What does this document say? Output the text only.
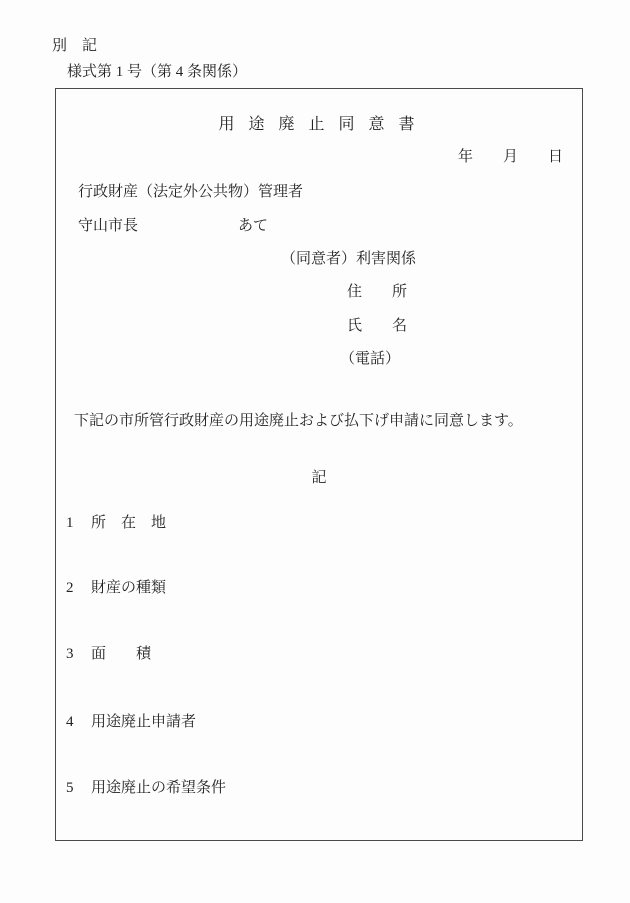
別　記
様式第 1 号（第 4 条関係）
用 途 廃 止 同 意 書
年　　月　　日
行政財産（法定外公共物）管理者
守山市長	あて
（同意者）利害関係
住　　所
氏　　名
（電話）
下記の市所管行政財産の用途廃止および払下げ申請に同意します。
記
1 所　在　地
2 財産の種類
3 面　　積
4 用途廃止申請者
5 用途廃止の希望条件
